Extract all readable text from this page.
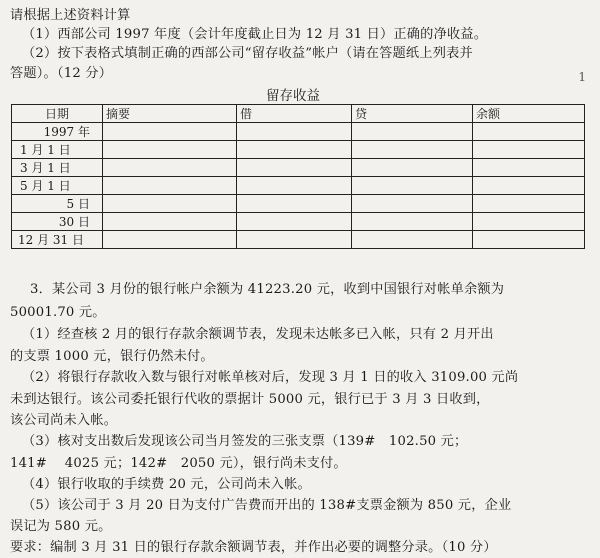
请根据上述资料计算
（1）西部公司 1997 年度（会计年度截止日为 12 月 31 日）正确的净收益。
（2）按下表格式填制正确的西部公司“留存收益”帐户（请在答题纸上列表并
答题）。（12 分）	1
留存收益
日期	摘要	借	贷	余额
1997 年				
1 月 1 日				
3 月 1 日				
5 月 1 日				
5 日				
30 日				
12 月 31 日				
3．某公司 3 月份的银行帐户余额为 41223.20 元，收到中国银行对帐单余额为
50001.70 元。
（1）经查核 2 月的银行存款余额调节表，发现未达帐多已入帐，只有 2 月开出
的支票 1000 元，银行仍然未付。
（2）将银行存款收入数与银行对帐单核对后，发现 3 月 1 日的收入 3109.00 元尚
未到达银行。该公司委托银行代收的票据计 5000 元，银行已于 3 月 3 日收到，
该公司尚未入帐。
（3）核对支出数后发现该公司当月签发的三张支票（139#　102.50 元；
141#　 4025 元；142#　2050 元），银行尚未支付。
（4）银行收取的手续费 20 元，公司尚未入帐。
（5）该公司于 3 月 20 日为支付广告费而开出的 138#支票金额为 850 元，企业
误记为 580 元。
要求：编制 3 月 31 日的银行存款余额调节表，并作出必要的调整分录。（10 分）
